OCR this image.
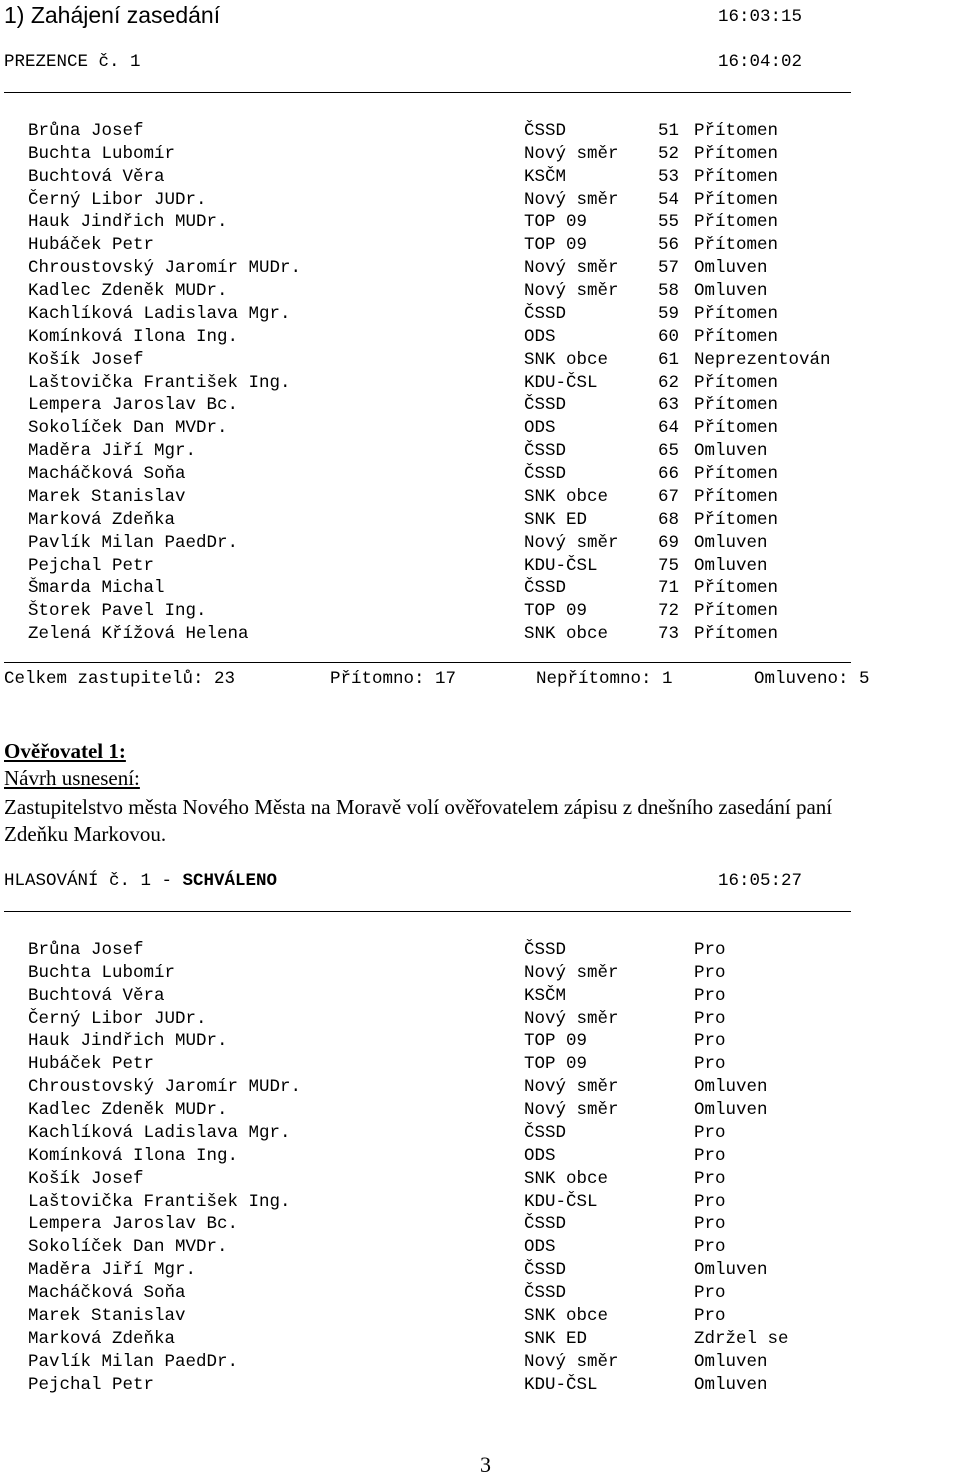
1) Zahájení zasedání	16:03:15
PREZENCE č. 1	16:04:02
Brůna Josef	ČSSD	51 Přítomen
Buchta Lubomír	Nový směr 52 Přítomen
Buchtová Věra	KSČM	53 Přítomen
Černý Libor JUDr.	Nový směr 54 Přítomen
Hauk Jindřich MUDr.	TOP 09	55 Přítomen
Hubáček Petr	TOP 09	56 Přítomen
Chroustovský Jaromír MUDr.	Nový směr 57 Omluven
Kadlec Zdeněk MUDr.	Nový směr 58 Omluven
Kachlíková Ladislava Mgr.	ČSSD	59 Přítomen
Komínková Ilona Ing.	ODS	60 Přítomen
Košík Josef	SNK obce	61 Neprezentován
Laštovička František Ing.	KDU-ČSL	62 Přítomen
Lempera Jaroslav Bc.	ČSSD	63 Přítomen
Sokolíček Dan MVDr.	ODS	64 Přítomen
Maděra Jiří Mgr.	ČSSD	65 Omluven
Macháčková Soňa	ČSSD	66 Přítomen
Marek Stanislav	SNK obce	67 Přítomen
Marková Zdeňka	SNK ED	68 Přítomen
Pavlík Milan PaedDr.	Nový směr 69 Omluven
Pejchal Petr	KDU-ČSL	75 Omluven
Šmarda Michal	ČSSD	71 Přítomen
Štorek Pavel Ing.	TOP 09	72 Přítomen
Zelená Křížová Helena	SNK obce	73 Přítomen
Celkem zastupitelů: 23	Přítomno: 17	Nepřítomno: 1	Omluveno: 5
Ověřovatel 1:
Návrh usnesení:
Zastupitelstvo města Nového Města na Moravě volí ověřovatelem zápisu z dnešního zasedání paní
Zdeňku Markovou.
HLASOVÁNÍ č. 1 - SCHVÁLENO	16:05:27
Brůna Josef	ČSSD	Pro
Buchta Lubomír	Nový směr	Pro
Buchtová Věra	KSČM	Pro
Černý Libor JUDr.	Nový směr	Pro
Hauk Jindřich MUDr.	TOP 09	Pro
Hubáček Petr	TOP 09	Pro
Chroustovský Jaromír MUDr.	Nový směr	Omluven
Kadlec Zdeněk MUDr.	Nový směr	Omluven
Kachlíková Ladislava Mgr.	ČSSD	Pro
Komínková Ilona Ing.	ODS	Pro
Košík Josef	SNK obce	Pro
Laštovička František Ing.	KDU-ČSL	Pro
Lempera Jaroslav Bc.	ČSSD	Pro
Sokolíček Dan MVDr.	ODS	Pro
Maděra Jiří Mgr.	ČSSD	Omluven
Macháčková Soňa	ČSSD	Pro
Marek Stanislav	SNK obce	Pro
Marková Zdeňka	SNK ED	Zdržel se
Pavlík Milan PaedDr.	Nový směr	Omluven
Pejchal Petr	KDU-ČSL	Omluven
3
